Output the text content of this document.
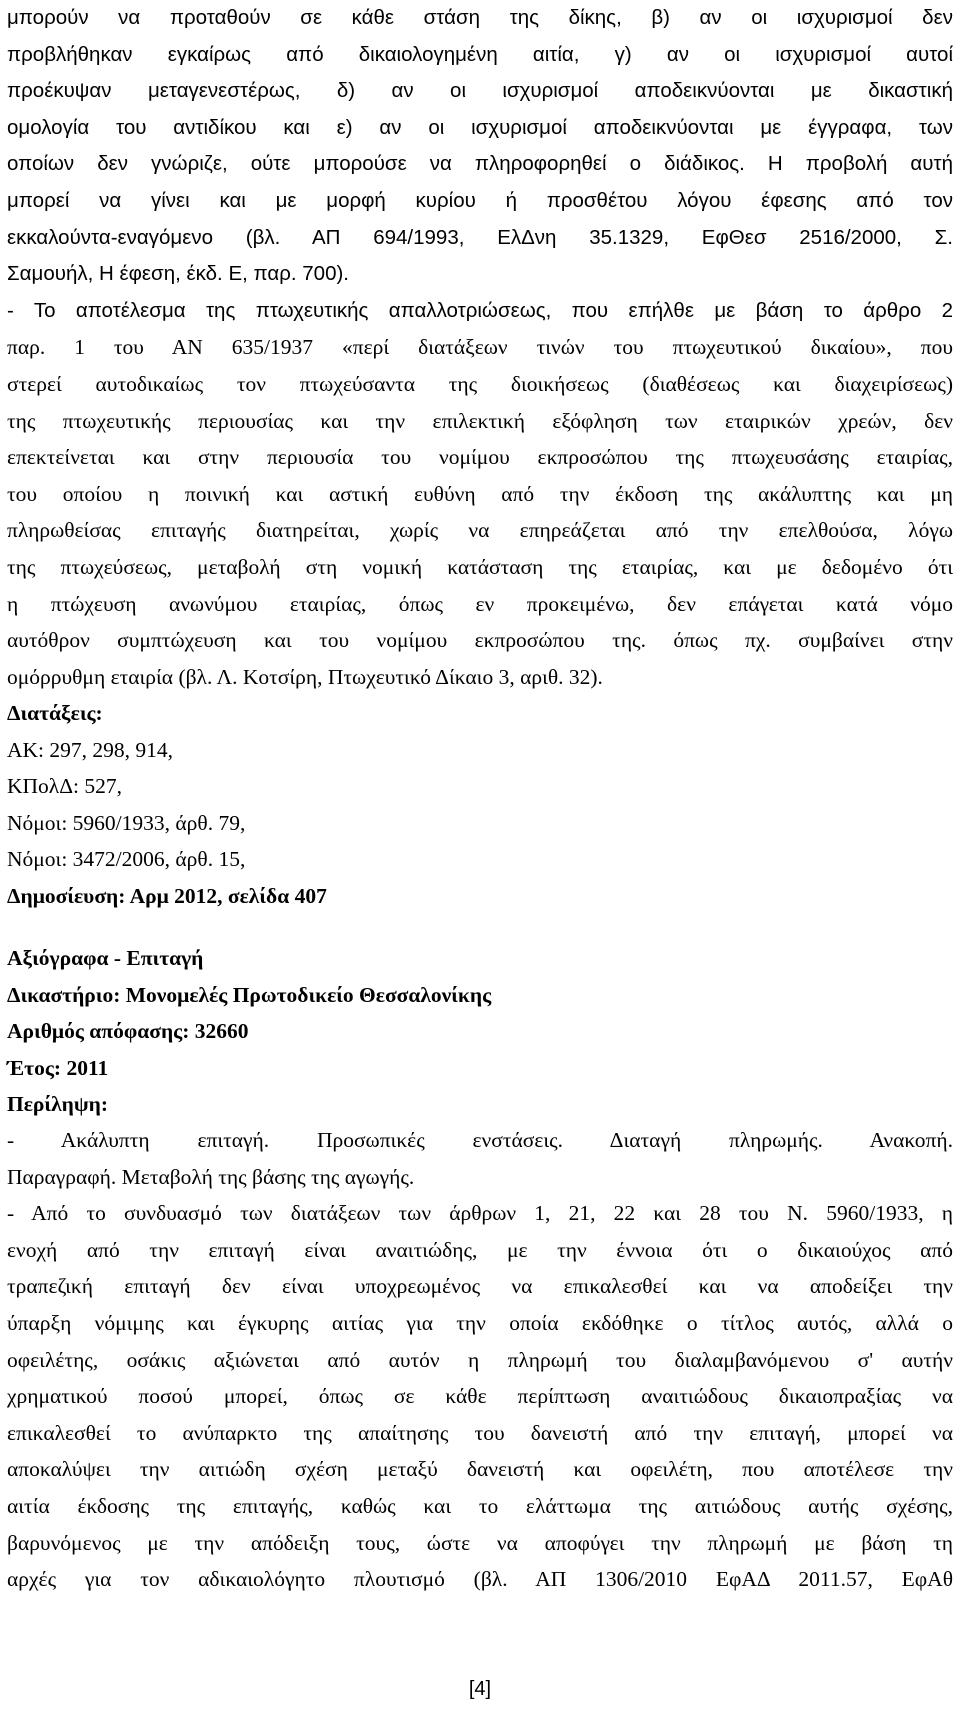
μπορούν να προταθούν σε κάθε στάση της δίκης, β) αν οι ισχυρισμοί δεν
προβλήθηκαν εγκαίρως από δικαιολογημένη αιτία, γ) αν οι ισχυρισμοί αυτοί
προέκυψαν μεταγενεστέρως, δ) αν οι ισχυρισμοί αποδεικνύονται με δικαστική
ομολογία του αντιδίκου και ε) αν οι ισχυρισμοί αποδεικνύονται με έγγραφα, των
οποίων δεν γνώριζε, ούτε μπορούσε να πληροφορηθεί ο διάδικος. Η προβολή αυτή
μπορεί να γίνει και με μορφή κυρίου ή προσθέτου λόγου έφεσης από τον
εκκαλούντα-εναγόμενο (βλ. ΑΠ 694/1993, ΕλΔνη 35.1329, ΕφΘεσ 2516/2000, Σ.
Σαμουήλ, Η έφεση, έκδ. Ε, παρ. 700).
- Το αποτέλεσμα της πτωχευτικής απαλλοτριώσεως, που επήλθε με βάση το άρθρο 2
παρ. 1 του ΑΝ 635/1937 «περί διατάξεων τινών του πτωχευτικού δικαίου», που
στερεί αυτοδικαίως τον πτωχεύσαντα της διοικήσεως (διαθέσεως και διαχειρίσεως)
της πτωχευτικής περιουσίας και την επιλεκτική εξόφληση των εταιρικών χρεών, δεν
επεκτείνεται και στην περιουσία του νομίμου εκπροσώπου της πτωχευσάσης εταιρίας,
του οποίου η ποινική και αστική ευθύνη από την έκδοση της ακάλυπτης και μη
πληρωθείσας επιταγής διατηρείται, χωρίς να επηρεάζεται από την επελθούσα, λόγω
της πτωχεύσεως, μεταβολή στη νομική κατάσταση της εταιρίας, και με δεδομένο ότι
η πτώχευση ανωνύμου εταιρίας, όπως εν προκειμένω, δεν επάγεται κατά νόμο
αυτόθρον συμπτώχευση και του νομίμου εκπροσώπου της. όπως πχ. συμβαίνει στην
ομόρρυθμη εταιρία (βλ. Λ. Κοτσίρη, Πτωχευτικό Δίκαιο 3, αριθ. 32).
Διατάξεις:
ΑΚ: 297, 298, 914,
ΚΠολΔ: 527,
Νόμοι: 5960/1933, άρθ. 79,
Νόμοι: 3472/2006, άρθ. 15,
Δημοσίευση: Αρμ 2012, σελίδα 407
Αξιόγραφα - Επιταγή
Δικαστήριο: Μονομελές Πρωτοδικείο Θεσσαλονίκης
Αριθμός απόφασης: 32660
Έτος: 2011
Περίληψη:
- Ακάλυπτη επιταγή. Προσωπικές ενστάσεις. Διαταγή πληρωμής. Ανακοπή.
Παραγραφή. Μεταβολή της βάσης της αγωγής.
- Από το συνδυασμό των διατάξεων των άρθρων 1, 21, 22 και 28 του Ν. 5960/1933, η
ενοχή από την επιταγή είναι αναιτιώδης, με την έννοια ότι ο δικαιούχος από
τραπεζική επιταγή δεν είναι υποχρεωμένος να επικαλεσθεί και να αποδείξει την
ύπαρξη νόμιμης και έγκυρης αιτίας για την οποία εκδόθηκε ο τίτλος αυτός, αλλά ο
οφειλέτης, οσάκις αξιώνεται από αυτόν η πληρωμή του διαλαμβανόμενου σ' αυτήν
χρηματικού ποσού μπορεί, όπως σε κάθε περίπτωση αναιτιώδους δικαιοπραξίας να
επικαλεσθεί το ανύπαρκτο της απαίτησης του δανειστή από την επιταγή, μπορεί να
αποκαλύψει την αιτιώδη σχέση μεταξύ δανειστή και οφειλέτη, που αποτέλεσε την
αιτία έκδοσης της επιταγής, καθώς και το ελάττωμα της αιτιώδους αυτής σχέσης,
βαρυνόμενος με την απόδειξη τους, ώστε να αποφύγει την πληρωμή με βάση τη
αρχές για τον αδικαιολόγητο πλουτισμό (βλ. ΑΠ 1306/2010 ΕφΑΔ 2011.57, ΕφΑθ
[4]
